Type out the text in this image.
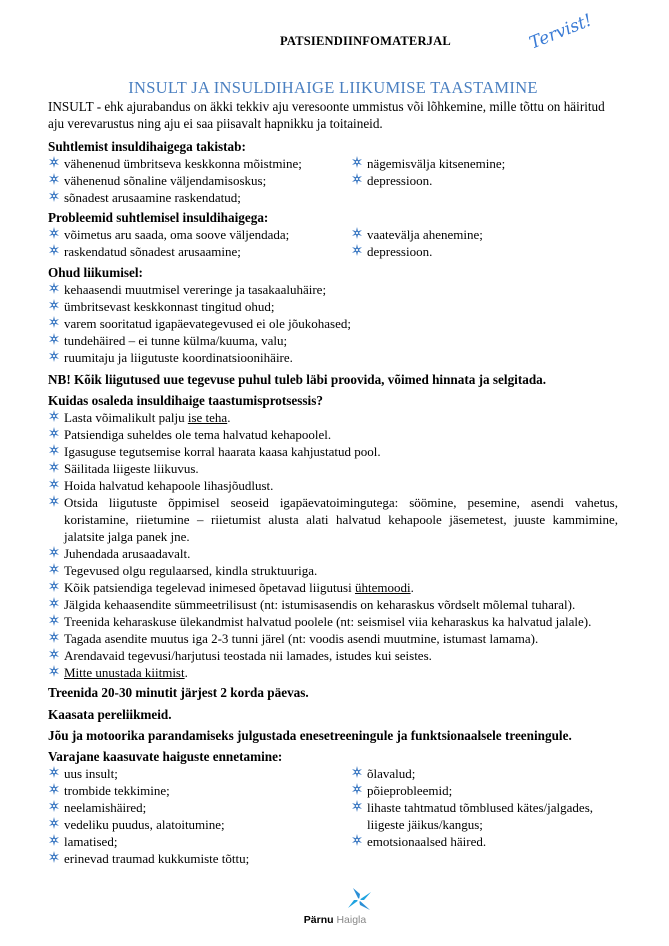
PATSIENDIINFOMATERJAL	Tervist!
INSULT JA INSULDIHAIGE LIIKUMISE TAASTAMINE
INSULT - ehk ajurabandus on äkki tekkiv aju veresoonte ummistus või lõhkemine, mille tõttu on häiritud aju verevarustus ning aju ei saa piisavalt hapnikku ja toitaineid.
Suhtlemist insuldihaigega takistab:
vähenenud ümbritseva keskkonna mõistmine;
vähenenud sõnaline väljendamisoskus;
sõnadest arusaamine raskendatud;
nägemisvälja kitsenemine;
depressioon.
Probleemid suhtlemisel insuldihaigega:
võimetus aru saada, oma soove väljendada;
raskendatud sõnadest arusaamine;
vaatevälja ahenemine;
depressioon.
Ohud liikumisel:
kehaasendi muutmisel vereringe ja tasakaaluhäire;
ümbritsevast keskkonnast tingitud ohud;
varem sooritatud igapäevategevused ei ole jõukohased;
tundehäired – ei tunne külma/kuuma, valu;
ruumitaju ja liigutuste koordinatsioonihäire.
NB! Kõik liigutused uue tegevuse puhul tuleb läbi proovida, võimed hinnata ja selgitada.
Kuidas osaleda insuldihaige taastumisprotsessis?
Lasta võimalikult palju ise teha.
Patsiendiga suheldes ole tema halvatud kehapoolel.
Igasuguse tegutsemise korral haarata kaasa kahjustatud pool.
Säilitada liigeste liikuvus.
Hoida halvatud kehapoole lihasjõudlust.
Otsida liigutuste õppimisel seoseid igapäevatoimingutega: söömine, pesemine, asendi vahetus, koristamine, riietumine – riietumist alusta alati halvatud kehapoole jäsemetest, juuste kammimine, jalatsite jalga panek jne.
Juhendada arusaadavalt.
Tegevused olgu regulaarsed, kindla struktuuriga.
Kõik patsiendiga tegelevad inimesed õpetavad liigutusi ühtemoodi.
Jälgida kehaasendite sümmeetrilisust (nt: istumisasendis on keharaskus võrdselt mõlemal tuharal).
Treenida keharaskuse ülekandmist halvatud poolele (nt: seismisel viia keharaskus ka halvatud jalale).
Tagada asendite muutus iga 2-3 tunni järel (nt: voodis asendi muutmine, istumast lamama).
Arendavaid tegevusi/harjutusi teostada nii lamades, istudes kui seistes.
Mitte unustada kiitmist.
Treenida 20-30 minutit järjest 2 korda päevas.
Kaasata pereliikmeid.
Jõu ja motoorika parandamiseks julgustada enesetreeningule ja funktsionaalsele treeningule.
Varajane kaasuvate haiguste ennetamine:
uus insult;
trombide tekkimine;
neelamishäired;
vedeliku puudus, alatoitumine;
lamatised;
erinevad traumad kukkumiste tõttu;
õlavalud;
põieprobleemid;
lihaste tahtmatud tõmblused kätes/jalgades, liigeste jäikus/kangus;
emotsionaalsed häired.
Pärnu Haigla
